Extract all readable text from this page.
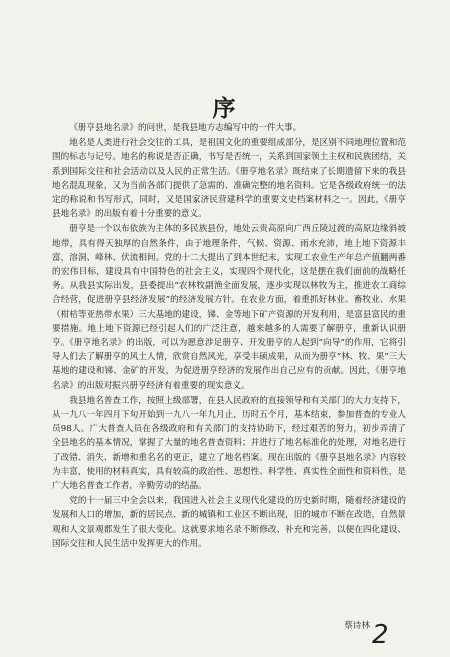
序

《册亨县地名录》的问世，是我县地方志编写中的一件大事。

地名是人类进行社会交往的工具，是祖国文化的重要组成部分，是区别不同地理位置和范围的标志与记号。地名的称说是否正确，书写是否统一，关系到国家领土主权和民族团结，关系到国际交往和社会活动以及人民的正常生活。《册亨地名录》既结束了长期遗留下来的我县地名混乱现象，又为当前各部门提供了急需的、准确完整的地名资料。它是各级政府统一的法定的称说和书写形式，同时，又是国家济民营建科学的重要文史档案材料之一。因此，《册亨县地名录》的出版有着十分重要的意义。

册亨是一个以布依族为主体的多民族县份，地处云贵高原向广西丘陵过渡的高原边缘斜坡地带，具有得天独厚的自然条件，由于地理条件，气候、资源、雨水充沛，地上地下资源丰富，溶洞、峰林、伏流相间。党的十二大提出了到本世纪末，实现工农业生产年总产值翻两番的宏伟目标，建设具有中国特色的社会主义，实现四个现代化，这是摆在我们面前的战略任务。从我县实际出发，县委提出“农林牧副渔全面发展，逐步实现以林牧为主，推进农工商综合经营，促进册亨县经济发展”的经济发展方针。在农业方面，着重抓好林业、畜牧业、水果（柑桔等亚热带水果）三大基地的建设，锑、金等地下矿产资源的开发利用，是富县富民的重要措施。地上地下资源已经引起人们的广泛注意，越来越多的人需要了解册亨，重新认识册亨。《册亨地名录》的出版，可以为愿意涉足册亨、开发册亨的人起到“向导”的作用，它将引导人们去了解册亨的风土人情，欣赏自然风光，享受丰硕成果，从而为册亨“林、牧、果”三大基地的建设和锑、金矿的开发，为促进册亨经济的发展作出自己应有的贡献。因此，《册亨地名录》的出版对振兴册亨经济有着重要的现实意义。

我县地名普查工作，按照上级部署，在县人民政府的直接领导和有关部门的大力支持下，从一九八一年四月下旬开始到一九八一年九月止，历时五个月，基本结束，参加普查的专业人员98人。广大普查人员在各级政府和有关部门的支持协助下，经过艰苦的努力，初步弄清了全县地名的基本情况，掌握了大量的地名普查资料；并进行了地名标准化的处理，对地名进行了改错、消失、新增和重名名的更正，建立了地名档案。现在出版的《册亨县地名录》内容较为丰富，使用的材料真实，具有较高的政治性、思想性、科学性、真实性全面性和资料性，是广大地名普查工作者，辛勤劳动的结晶。

党的十一届三中全会以来，我国进入社会主义现代化建设的历史新时期，随着经济建设的发展和人口的增加，新的居民点、新的城镇和工业区不断出现，旧的城市不断在改造，自然景观和人文景观都发生了很大变化。这就要求地名录不断修改、补充和完善，以便在四化建设、国际交往和人民生活中发挥更大的作用。

蔡诗林 2
